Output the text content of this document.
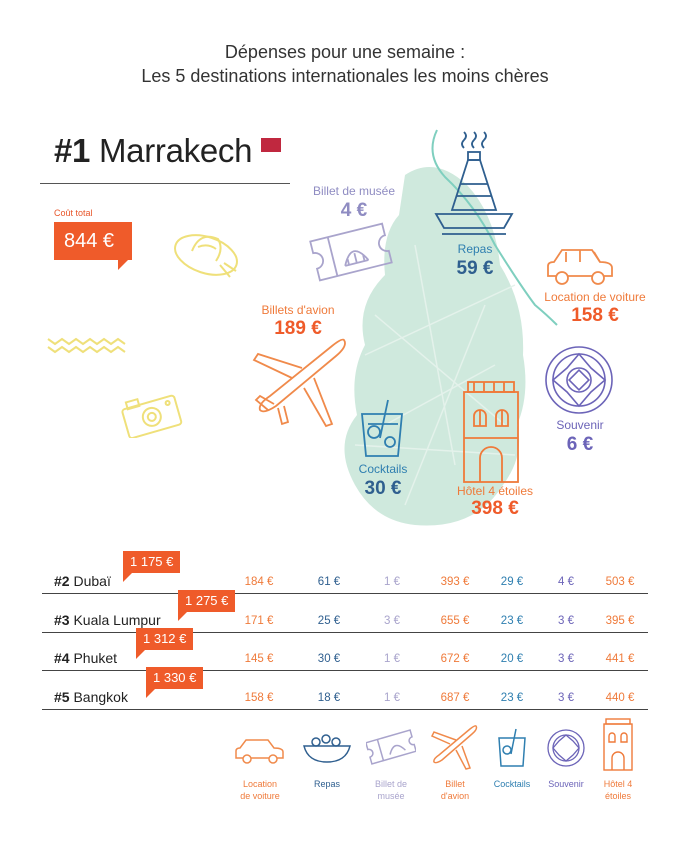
Dépenses pour une semaine :
Les 5 destinations internationales les moins chères
#1 Marrakech
Coût total
844 €
Billet de musée
4 €
Repas
59 €
Location de voiture
158 €
Billets d'avion
189 €
Souvenir
6 €
Cocktails
30 €	Hôtel 4 étoiles
398 €
#2 Dubaï
1 175 €
184 €	61 €	1 €	393 €	29 €	4 €	503 €
#3 Kuala Lumpur
1 275 €
171 €	25 €	3 €	655 €	23 €	3 €	395 €
#4 Phuket
1 312 €
145 €	30 €	1 €	672 €	20 €	3 €	441 €
#5 Bangkok
1 330 €
158 €	18 €	1 €	687 €	23 €	3 €	440 €
Location
de voiture
Repas	Billet de
musée
Billet
d'avion
Cocktails	Souvenir	Hôtel 4
étoiles
